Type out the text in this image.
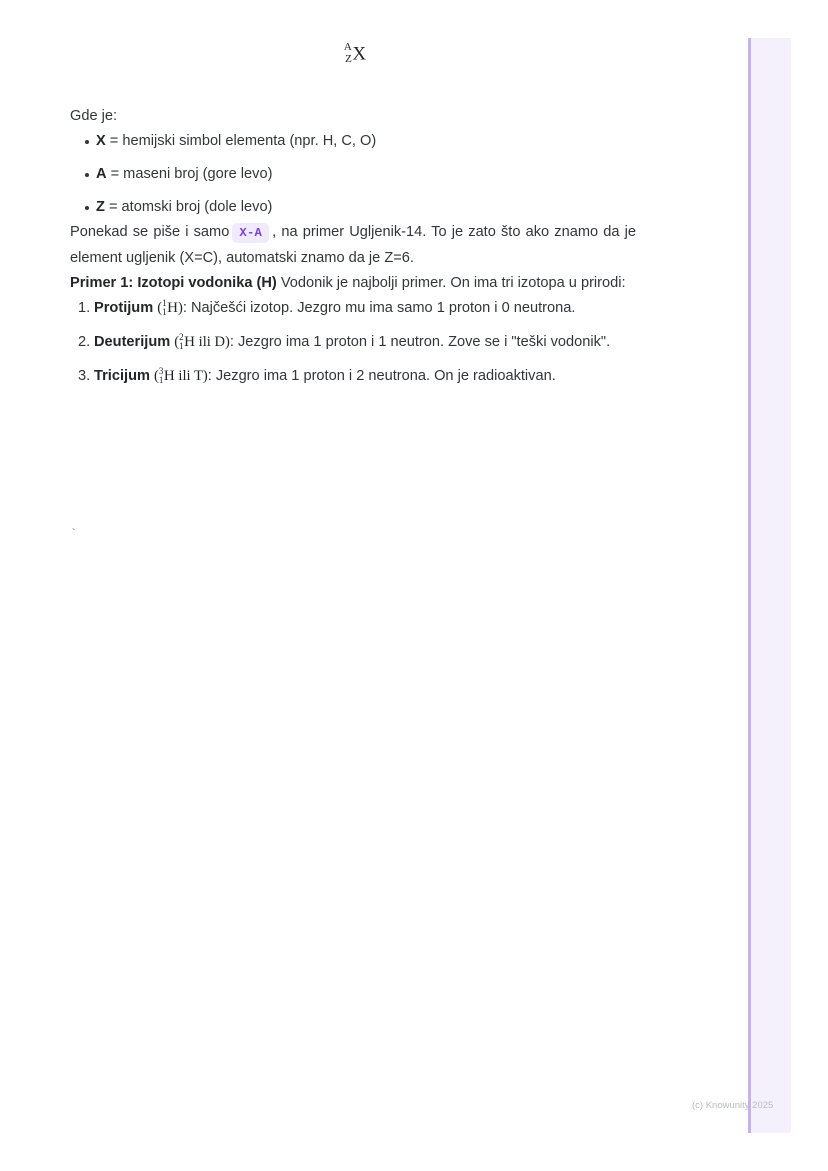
A
Z X

Gde je:

X = hemijski simbol elementa (npr. H, C, O)
A = maseni broj (gore levo)
Z = atomski broj (dole levo)

Ponekad se piše i samo X-A , na primer Ugljenik-14. To je zato što ako znamo da je element ugljenik (X=C), automatski znamo da je Z=6.

Primer 1: Izotopi vodonika (H) Vodonik je najbolji primer. On ima tri izotopa u prirodi:

Protijum ( 1
1 H): Najčešći izotop. Jezgro mu ima samo 1 proton i 0 neutrona.
Deuterijum ( 2
1 H ili D): Jezgro ima 1 proton i 1 neutron. Zove se i "teški vodonik".
Tricijum ( 3
1 H ili T): Jezgro ima 1 proton i 2 neutrona. On je radioaktivan.
`
(c) Knowunity 2025
